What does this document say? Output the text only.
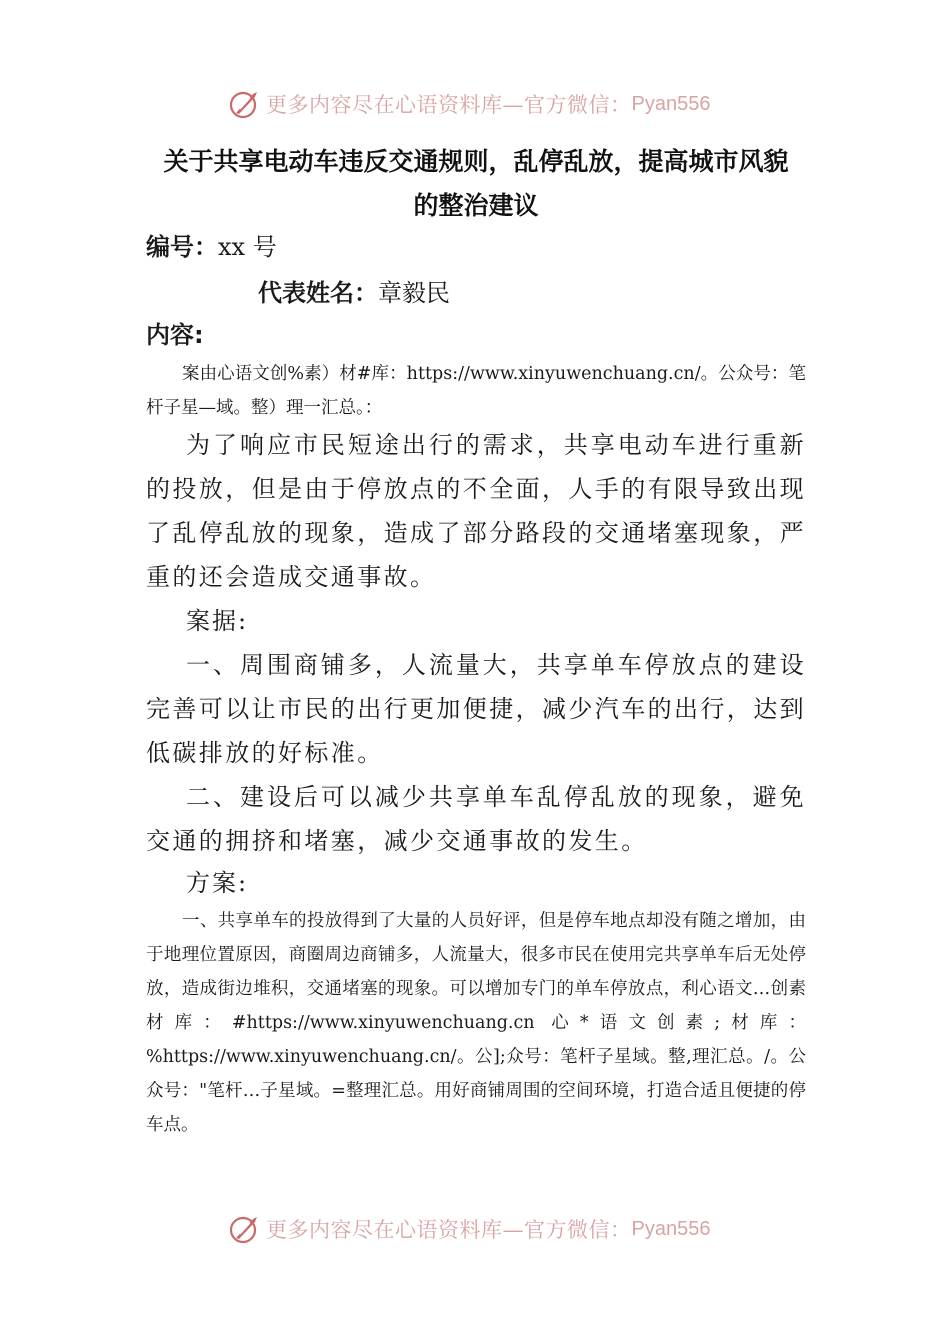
更多内容尽在心语资料库—官方微信： Pyan556
关于共享电动车违反交通规则，乱停乱放，提高城市风貌
的整治建议
编号：xx 号
代表姓名：章毅民
内容:
案由心语文创%素）材#库：https://www.xinyuwenchuang.cn/。公众号：笔杆子星—域。整）理一汇总。：
为了响应市民短途出行的需求，共享电动车进行重新的投放，但是由于停放点的不全面，人手的有限导致出现了乱停乱放的现象，造成了部分路段的交通堵塞现象，严重的还会造成交通事故。
案据:
一、周围商铺多，人流量大，共享单车停放点的建设完善可以让市民的出行更加便捷，减少汽车的出行，达到低碳排放的好标准。
二、建设后可以减少共享单车乱停乱放的现象，避免交通的拥挤和堵塞，减少交通事故的发生。
方案:
一、共享单车的投放得到了大量的人员好评，但是停车地点却没有随之增加，由于地理位置原因，商圈周边商铺多，人流量大，很多市民在使用完共享单车后无处停放，造成街边堆积，交通堵塞的现象。可以增加专门的单车停放点，利心语文…创素材库：#https://www.xinyuwenchuang.cn 心*语文创素;材库：%https://www.xinyuwenchuang.cn/。公];众号：笔杆子星域。整,理汇总。/。公众号："笔杆…子星域。=整理汇总。用好商铺周围的空间环境，打造合适且便捷的停车点。
更多内容尽在心语资料库—官方微信： Pyan556
